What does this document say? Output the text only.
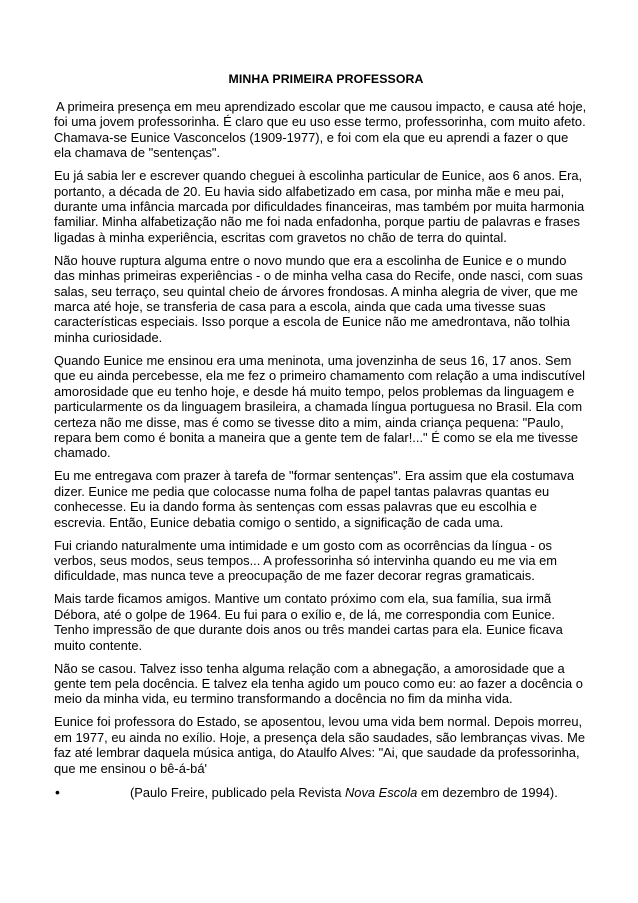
MINHA PRIMEIRA PROFESSORA

A primeira presença em meu aprendizado escolar que me causou impacto, e causa até hoje, foi uma jovem professorinha. É claro que eu uso esse termo, professorinha, com muito afeto. Chamava-se Eunice Vasconcelos (1909-1977), e foi com ela que eu aprendi a fazer o que ela chamava de "sentenças".

Eu já sabia ler e escrever quando cheguei à escolinha particular de Eunice, aos 6 anos. Era, portanto, a década de 20. Eu havia sido alfabetizado em casa, por minha mãe e meu pai, durante uma infância marcada por dificuldades financeiras, mas também por muita harmonia familiar. Minha alfabetização não me foi nada enfadonha, porque partiu de palavras e frases ligadas à minha experiência, escritas com gravetos no chão de terra do quintal.

Não houve ruptura alguma entre o novo mundo que era a escolinha de Eunice e o mundo das minhas primeiras experiências - o de minha velha casa do Recife, onde nasci, com suas salas, seu terraço, seu quintal cheio de árvores frondosas. A minha alegria de viver, que me marca até hoje, se transferia de casa para a escola, ainda que cada uma tivesse suas características especiais. Isso porque a escola de Eunice não me amedrontava, não tolhia minha curiosidade.

Quando Eunice me ensinou era uma meninota, uma jovenzinha de seus 16, 17 anos. Sem que eu ainda percebesse, ela me fez o primeiro chamamento com relação a uma indiscutível amorosidade que eu tenho hoje, e desde há muito tempo, pelos problemas da linguagem e particularmente os da linguagem brasileira, a chamada língua portuguesa no Brasil. Ela com certeza não me disse, mas é como se tivesse dito a mim, ainda criança pequena: "Paulo, repara bem como é bonita a maneira que a gente tem de falar!..." É como se ela me tivesse chamado.

Eu me entregava com prazer à tarefa de "formar sentenças". Era assim que ela costumava dizer. Eunice me pedia que colocasse numa folha de papel tantas palavras quantas eu conhecesse. Eu ia dando forma às sentenças com essas palavras que eu escolhia e escrevia. Então, Eunice debatia comigo o sentido, a significação de cada uma.

Fui criando naturalmente uma intimidade e um gosto com as ocorrências da língua - os verbos, seus modos, seus tempos... A professorinha só intervinha quando eu me via em dificuldade, mas nunca teve a preocupação de me fazer decorar regras gramaticais.

Mais tarde ficamos amigos. Mantive um contato próximo com ela, sua família, sua irmã Débora, até o golpe de 1964. Eu fui para o exílio e, de lá, me correspondia com Eunice. Tenho impressão de que durante dois anos ou três mandei cartas para ela. Eunice ficava muito contente.

Não se casou. Talvez isso tenha alguma relação com a abnegação, a amorosidade que a gente tem pela docência. E talvez ela tenha agido um pouco como eu: ao fazer a docência o meio da minha vida, eu termino transformando a docência no fim da minha vida.

Eunice foi professora do Estado, se aposentou, levou uma vida bem normal. Depois morreu, em 1977, eu ainda no exílio. Hoje, a presença dela são saudades, são lembranças vivas. Me faz até lembrar daquela música antiga, do Ataulfo Alves: "Ai, que saudade da professorinha, que me ensinou o bê-á-bá'

•	(Paulo Freire, publicado pela Revista Nova Escola em dezembro de 1994).
